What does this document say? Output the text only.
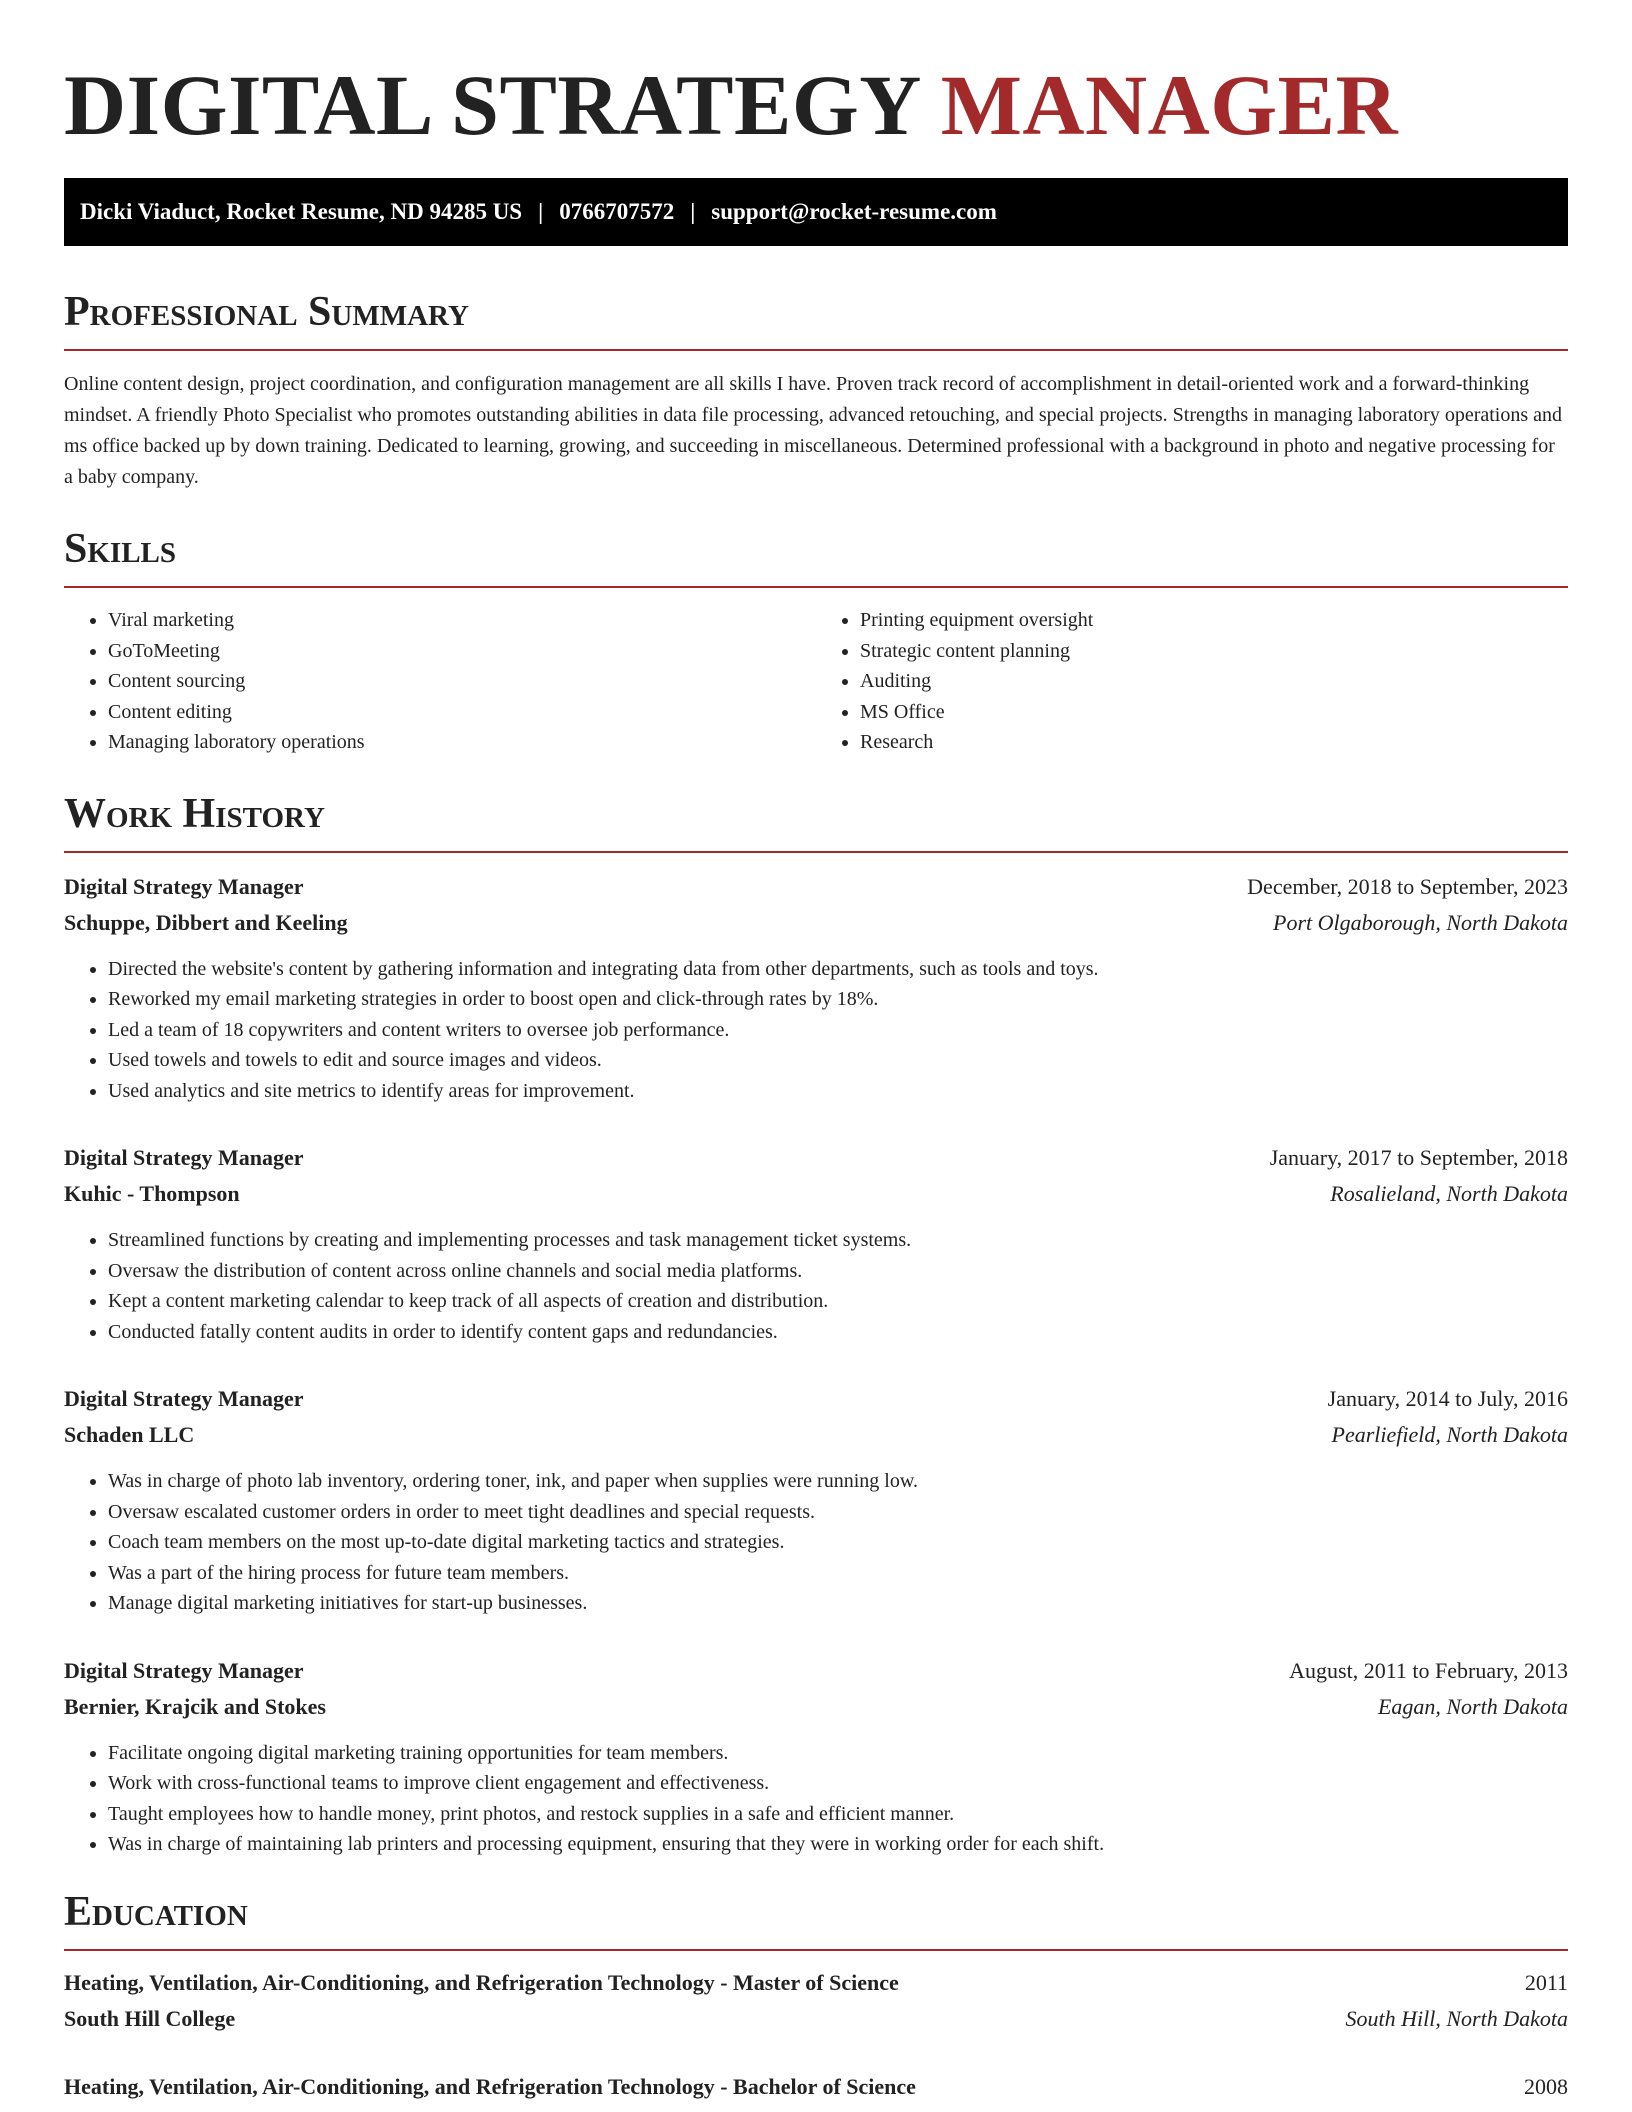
DIGITAL STRATEGY MANAGER
Dicki Viaduct, Rocket Resume, ND 94285 US | 0766707572 | support@rocket-resume.com
Professional Summary

Online content design, project coordination, and configuration management are all skills I have. Proven track record of accomplishment in detail-oriented work and a forward-thinking mindset. A friendly Photo Specialist who promotes outstanding abilities in data file processing, advanced retouching, and special projects. Strengths in managing laboratory operations and ms office backed up by down training. Dedicated to learning, growing, and succeeding in miscellaneous. Determined professional with a background in photo and negative processing for a baby company.

Skills
• Viral marketing
• GoToMeeting
• Content sourcing
• Content editing
• Managing laboratory operations
• Printing equipment oversight
• Strategic content planning
• Auditing
• MS Office
• Research
Work History
Digital Strategy Manager	December, 2018 to September, 2023
Schuppe, Dibbert and Keeling	Port Olgaborough, North Dakota
• Directed the website's content by gathering information and integrating data from other departments, such as tools and toys.
• Reworked my email marketing strategies in order to boost open and click-through rates by 18%.
• Led a team of 18 copywriters and content writers to oversee job performance.
• Used towels and towels to edit and source images and videos.
• Used analytics and site metrics to identify areas for improvement.
Digital Strategy Manager	January, 2017 to September, 2018
Kuhic - Thompson	Rosalieland, North Dakota
• Streamlined functions by creating and implementing processes and task management ticket systems.
• Oversaw the distribution of content across online channels and social media platforms.
• Kept a content marketing calendar to keep track of all aspects of creation and distribution.
• Conducted fatally content audits in order to identify content gaps and redundancies.
Digital Strategy Manager	January, 2014 to July, 2016
Schaden LLC	Pearliefield, North Dakota
• Was in charge of photo lab inventory, ordering toner, ink, and paper when supplies were running low.
• Oversaw escalated customer orders in order to meet tight deadlines and special requests.
• Coach team members on the most up-to-date digital marketing tactics and strategies.
• Was a part of the hiring process for future team members.
• Manage digital marketing initiatives for start-up businesses.
Digital Strategy Manager	August, 2011 to February, 2013
Bernier, Krajcik and Stokes	Eagan, North Dakota
• Facilitate ongoing digital marketing training opportunities for team members.
• Work with cross-functional teams to improve client engagement and effectiveness.
• Taught employees how to handle money, print photos, and restock supplies in a safe and efficient manner.
• Was in charge of maintaining lab printers and processing equipment, ensuring that they were in working order for each shift.
Education
Heating, Ventilation, Air-Conditioning, and Refrigeration Technology - Master of Science	2011
South Hill College	South Hill, North Dakota
Heating, Ventilation, Air-Conditioning, and Refrigeration Technology - Bachelor of Science	2008
